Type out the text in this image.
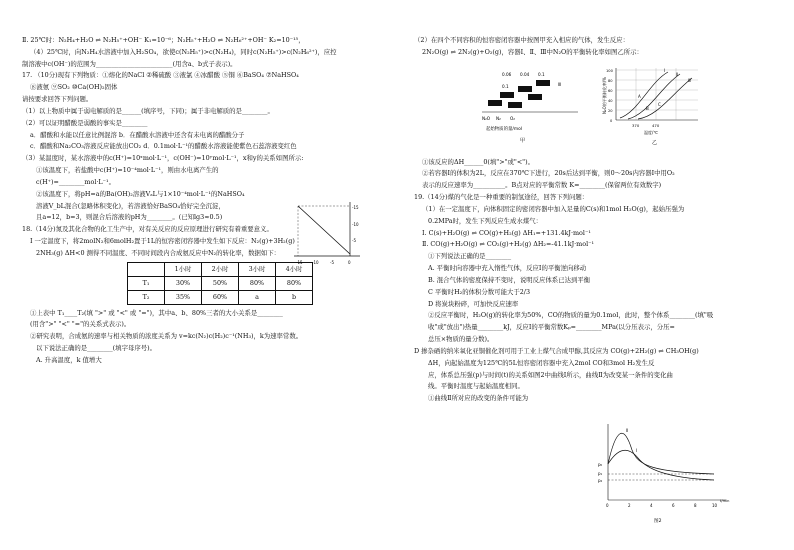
Ⅱ. 25℃时：N₂H₄+H₂O ⇌ N₂H₅⁺+OH⁻ K₁=10⁻⁶；N₂H₅⁺+H₂O ⇌ N₂H₆²⁺+OH⁻ K₂=10⁻¹⁵，
（4）25℃时，向N₂H₄水溶液中加入H₂SO₄，欲使c(N₂H₅⁺)>c(N₂H₄)，同时c(N₂H₅⁺)>c(N₂H₆²⁺)，应控
制溶液中c(OH⁻)的范围为________________________(用含a、b式子表示)。
17. （10分)现有下列物质：①熔化的NaCl ②稀硫酸 ③液氯 ④冰醋酸 ⑤铜 ⑥BaSO₄ ⑦NaHSO₄
⑧液氨 ⑨SO₂ ⑩Ca(OH)₂固体
请按要求回答下列问题。
（1）以上物质中属于弱电解质的是______(填序号，下同)；属于非电解质的是________。
（2）可以证明醋酸是弱酸的事实是________
a．醋酸和水能以任意比例混溶 b．在醋酸水溶液中还含有未电离的醋酸分子
c．醋酸和Na₂CO₃溶液反应能放出CO₂ d．0.1mol·L⁻¹的醋酸水溶液能使紫色石蕊溶液变红色
（3）某温度时，某水溶液中的c(H⁺)=10ˣmol·L⁻¹，c(OH⁻)=10ʸmol·L⁻¹，x和y的关系如图所示:
①该温度下，若盐酸中c(H⁺)=10⁻⁴mol·L⁻¹，则由水电离产生的
c(H⁺)=________mol·L⁻¹。
②该温度下，将pH=a的Ba(OH)₂溶液VₐL与1×10⁻⁴mol·L⁻¹的NaHSO₄
溶液V_bL混合(忽略体积变化)，若溶液恰好BaSO₄恰好完全沉淀，
且a=12，b=3，则混合后溶液的pH为________。(已知lg3≈0.5)
18.（14分)氮及其化合物的化工生产中，对有关反应的反应原理进行研究有着重要意义。
Ⅰ 一定温度下，将2molN₂和6molH₂置于1L的恒容密闭容器中发生如下反应：N₂(g)+3H₂(g)
2NH₃(g) ΔH<0 测得不同温度、不同时间段内合成氨反应中N₂的转化率，数据如下：
	1小时	2小时	3小时	4小时
T₁	30%	50%	80%	80%
T₂	35%	60%	a	b
①上表中 T₁____T₂(填 ">" 或 "<" 或 "=")，其中a、b、80%三者的大小关系是________
(用含">" "<" "="的关系式表示)。
②研究表明，合成氨的速率与相关物质的浓度关系为 v=kc(N₂)c(H₂)c⁻¹(NH₃)，k为速率常数。
以下说法正确的是________(填字母序号)。
A. 升高温度，k 值增大
-15 -10	-5	0
-5
-10
-15
（2）在四个不同容积的恒容密闭容器中按图甲充入相应的气体，发生反应：
2N₂O(g) ⇌ 2N₂(g)+O₂(g)，容器Ⅰ、Ⅱ、Ⅲ中N₂O的平衡转化率如图乙所示：
①该反应的ΔH______0(填">"或"<")。
②若容器Ⅰ的体积为2L，反应在370℃下进行，20s后达到平衡，则0～20s内容器Ⅰ中用O₂
表示的反应速率为__________。B点对应的平衡常数 K=________(保留两位有效数字)
19.（14分)煤的气化是一种重要的制氢途径，回答下列问题：
（1）在一定温度下，向体积固定的密闭容器中加入足量的C(s)和1mol H₂O(g)，起始压强为
0.2MPa时，发生下列反应生成水煤气：
Ⅰ. C(s)+H₂O(g) ⇌ CO(g)+H₂(g) ΔH₁=+131.4kJ·mol⁻¹
Ⅱ. CO(g)+H₂O(g) ⇌ CO₂(g)+H₂(g) ΔH₂=-41.1kJ·mol⁻¹
①下列说法正确的是________
A. 平衡时向容器中充入惰性气体，反应Ⅰ的平衡逆向移动
B. 混合气体的密度保持不变时，说明反应体系已达到平衡
C 平衡时H₂的体积分数可能大于2/3
D 将炭块粉碎，可加快反应速率
②反应平衡时，H₂O(g)的转化率为50%，CO的物质的量为0.1mol，此时，整个体系________(填"吸
收"或"放出")热量________kJ，反应Ⅰ的平衡常数Kₚ=________MPa(以分压表示，分压=
总压×物质的量分数)。
D 掺杂硒的纳米氧化亚铜催化剂可用于工业上煤气合成甲醇,其反应为 CO(g)+2H₂(g) ⇌ CH₃OH(g)
ΔH，向起始温度为125℃的5L恒容密闭容器中充入2mol CO和3mol H₂发生反
应，体系总压强(p)与时间(t)的关系如图2中曲线Ⅰ所示，曲线Ⅱ为改变某一条件的变化曲
线。平衡时温度与起始温度相同。
①曲线Ⅱ所对应的改变的条件可能为
0.06 0.04 0.1
0.1	Ⅲ
N₂O N₂ O₂
起始物质的量/mol
甲
N₂O的平衡转化率/%
100
80
60
40
20
0
Ⅰ
Ⅱ
Ⅲ
A
B
C
370	470
温度/℃
乙
Ⅱ
Ⅰ
p₀
p₁
p₂
0	2	4	6	8	10
t/min
图2
